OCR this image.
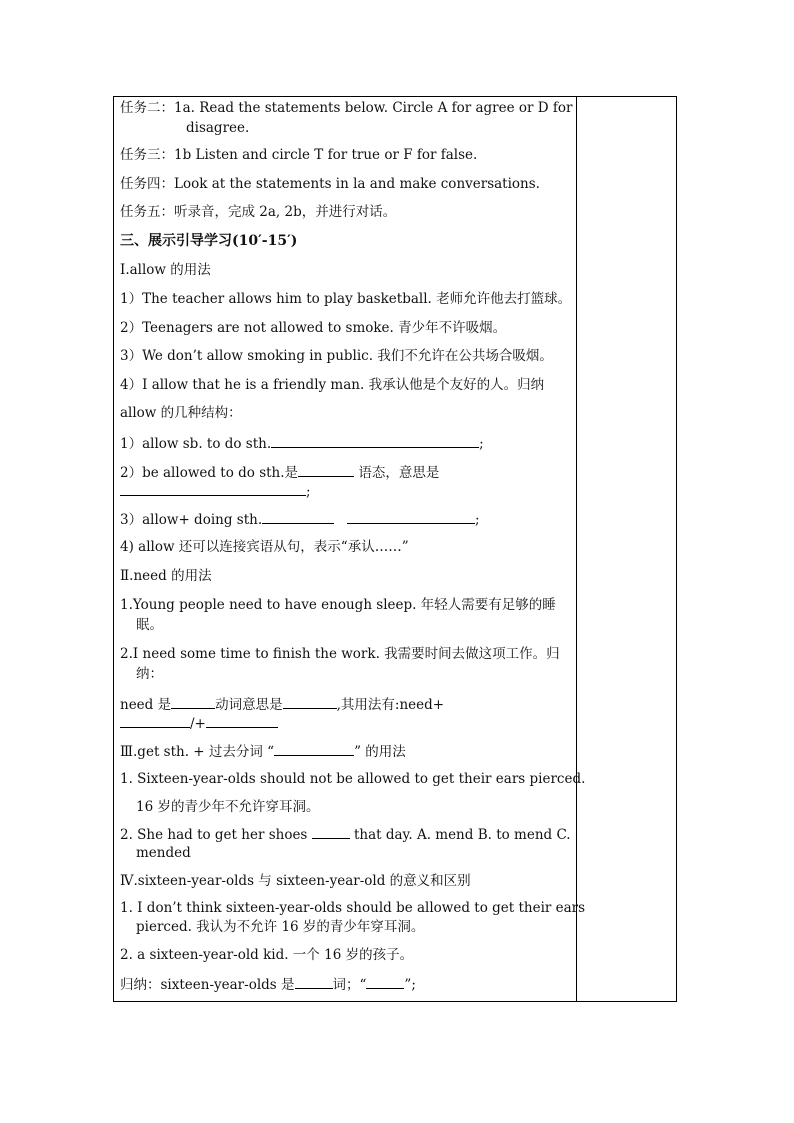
任务二：1a. Read the statements below. Circle A for agree or D for
disagree.
任务三：1b Listen and circle T for true or F for false.
任务四：Look at the statements in la and make conversations.
任务五：听录音，完成 2a, 2b，并进行对话。
三、展示引导学习(10′-15′)
Ⅰ.allow 的用法
1）The teacher allows him to play basketball. 老师允许他去打篮球。
2）Teenagers are not allowed to smoke. 青少年不许吸烟。
3）We don’t allow smoking in public. 我们不允许在公共场合吸烟。
4）I allow that he is a friendly man. 我承认他是个友好的人。归纳
allow 的几种结构：
1）allow sb. to do sth.	;
2）be allowed to do sth.是	语态，意思是
;
3）allow+ doing sth.	;
4) allow 还可以连接宾语从句，表示“承认……”
Ⅱ.need 的用法
1.Young people need to have enough sleep. 年轻人需要有足够的睡
眠。
2.I need some time to finish the work. 我需要时间去做这项工作。归
纳：
need 是	动词意思是	,其用法有:need+
/+
Ⅲ.get sth. + 过去分词 “	” 的用法
1. Sixteen-year-olds should not be allowed to get their ears pierced.
16 岁的青少年不允许穿耳洞。
2. She had to get her shoes	that day. A. mend B. to mend C.
mended
Ⅳ.sixteen-year-olds 与 sixteen-year-old 的意义和区别
1. I don’t think sixteen-year-olds should be allowed to get their ears
pierced. 我认为不允许 16 岁的青少年穿耳洞。
2. a sixteen-year-old kid. 一个 16 岁的孩子。
归纳：sixteen-year-olds 是	词；“	”;
